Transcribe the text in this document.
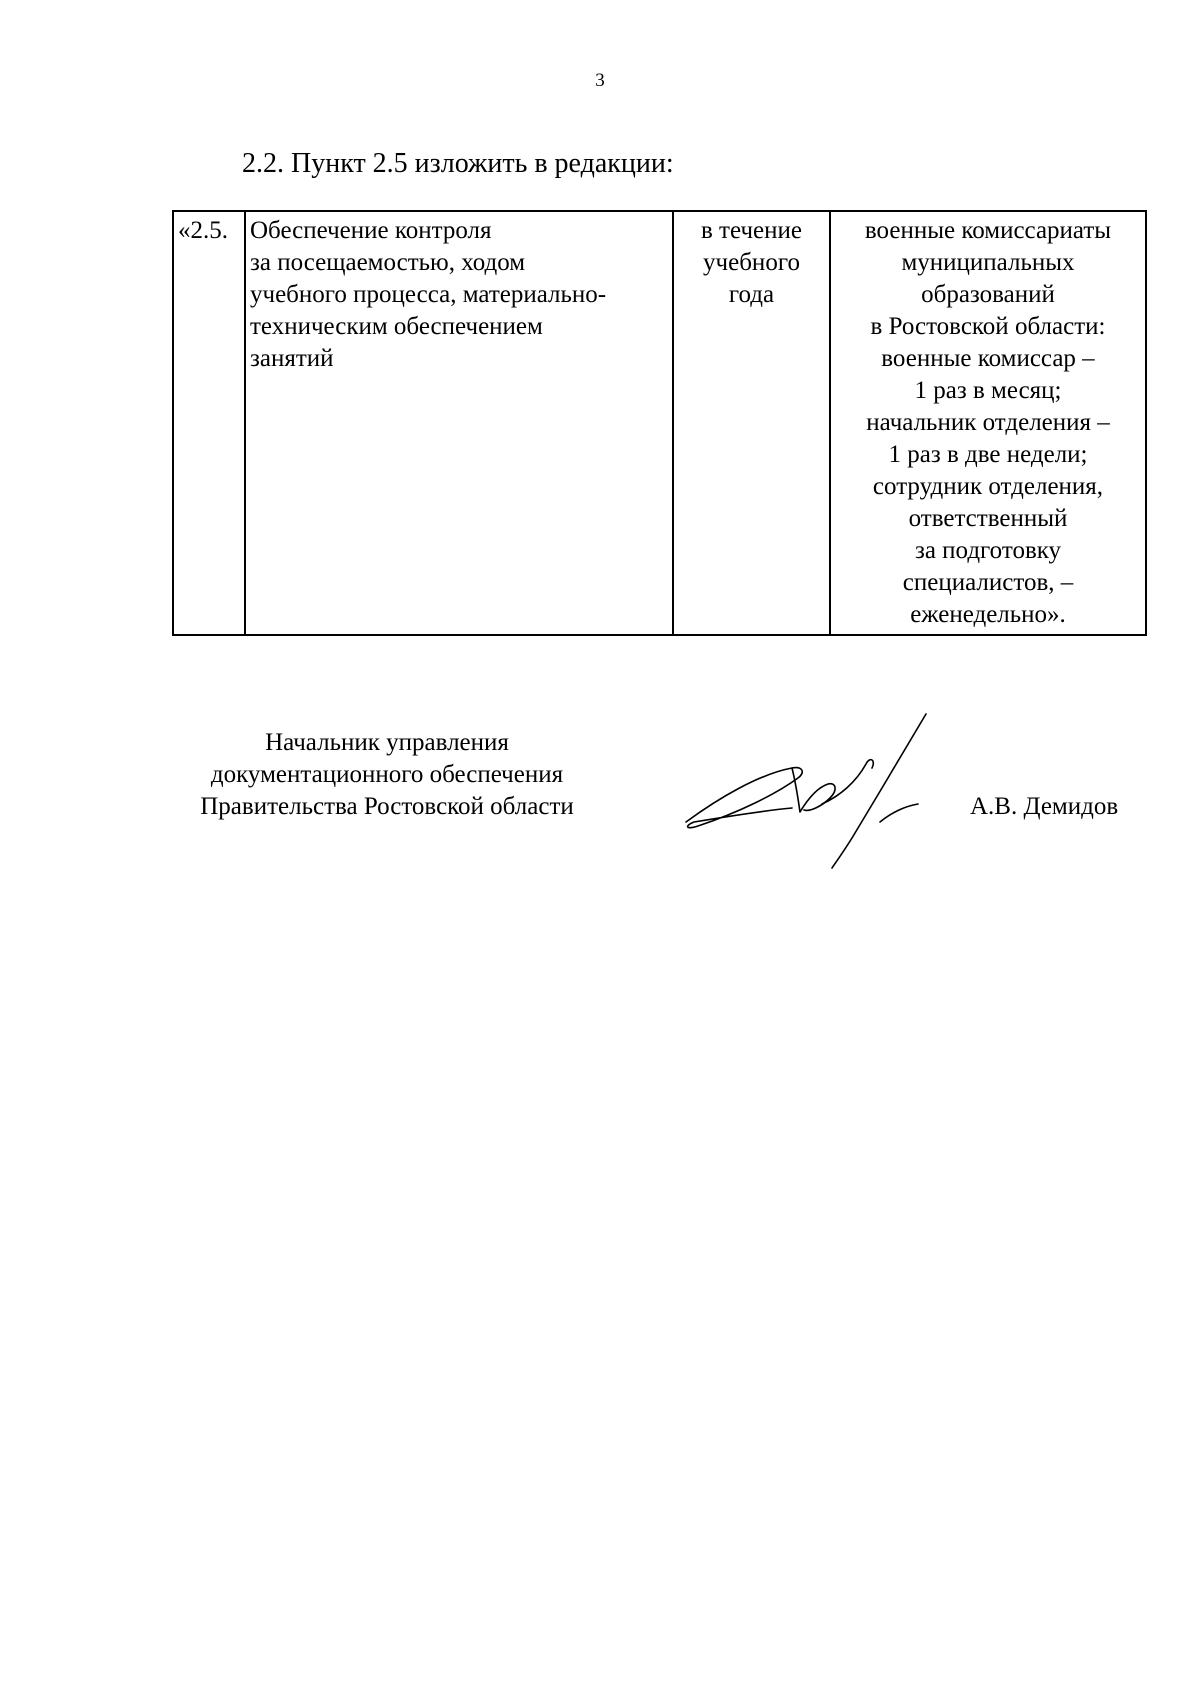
3
2.2. Пункт 2.5 изложить в редакции:
«2.5.	Обеспечение контроля
за посещаемостью, ходом
учебного процесса, материально-
техническим обеспечением
занятий	в течение
учебного
года	военные комиссариаты
муниципальных
образований
в Ростовской области:
военные комиссар –
1 раз в месяц;
начальник отделения –
1 раз в две недели;
сотрудник отделения,
ответственный
за подготовку
специалистов, –
еженедельно».
Начальник управления
документационного обеспечения
Правительства Ростовской области	А.В. Демидов
